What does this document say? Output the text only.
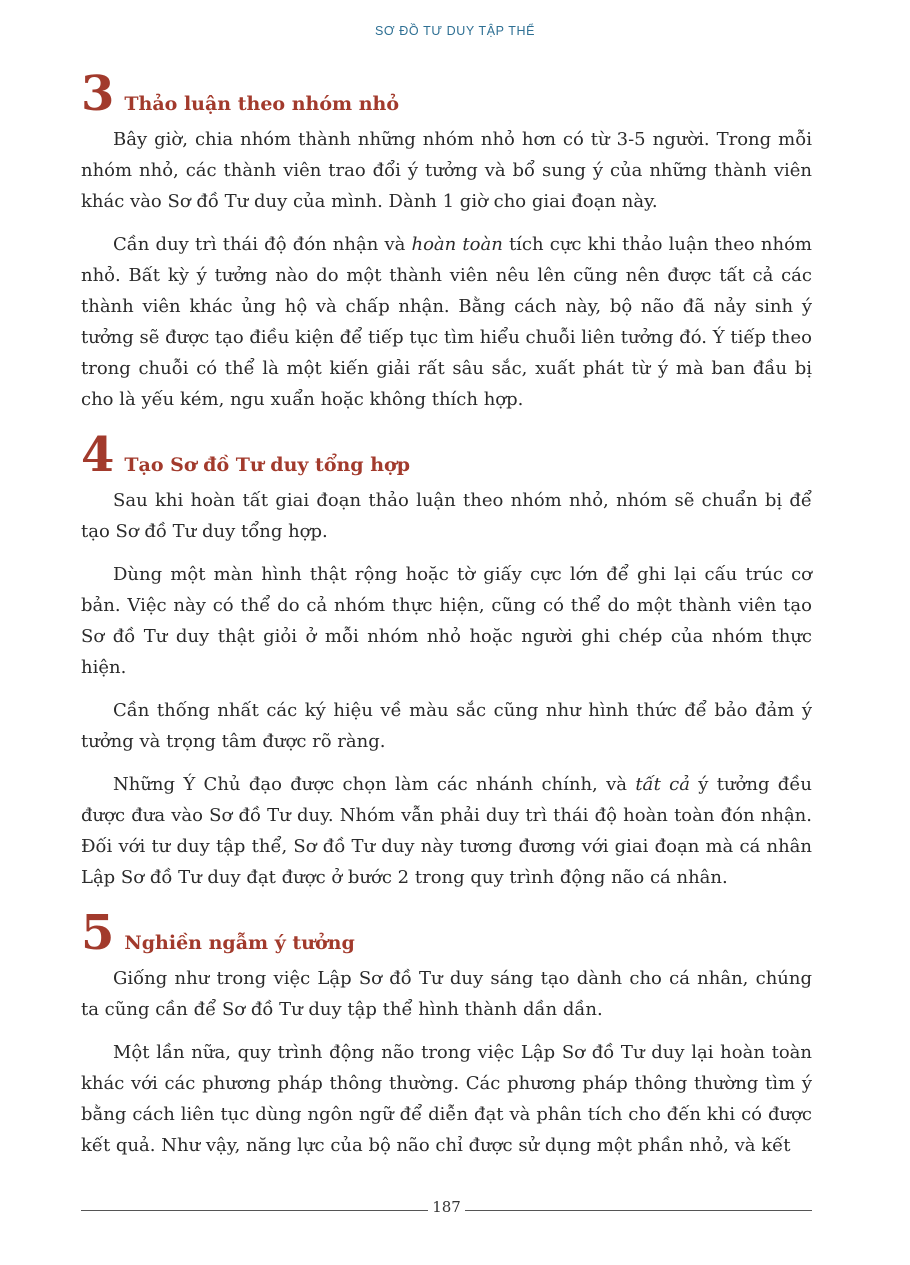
SƠ ĐỒ TƯ DUY TẬP THỂ
3 Thảo luận theo nhóm nhỏ

Bây giờ, chia nhóm thành những nhóm nhỏ hơn có từ 3-5 người. Trong mỗi nhóm nhỏ, các thành viên trao đổi ý tưởng và bổ sung ý của những thành viên khác vào Sơ đồ Tư duy của mình. Dành 1 giờ cho giai đoạn này.

Cần duy trì thái độ đón nhận và hoàn toàn tích cực khi thảo luận theo nhóm nhỏ. Bất kỳ ý tưởng nào do một thành viên nêu lên cũng nên được tất cả các thành viên khác ủng hộ và chấp nhận. Bằng cách này, bộ não đã nảy sinh ý tưởng sẽ được tạo điều kiện để tiếp tục tìm hiểu chuỗi liên tưởng đó. Ý tiếp theo trong chuỗi có thể là một kiến giải rất sâu sắc, xuất phát từ ý mà ban đầu bị cho là yếu kém, ngu xuẩn hoặc không thích hợp.

4 Tạo Sơ đồ Tư duy tổng hợp

Sau khi hoàn tất giai đoạn thảo luận theo nhóm nhỏ, nhóm sẽ chuẩn bị để tạo Sơ đồ Tư duy tổng hợp.

Dùng một màn hình thật rộng hoặc tờ giấy cực lớn để ghi lại cấu trúc cơ bản. Việc này có thể do cả nhóm thực hiện, cũng có thể do một thành viên tạo Sơ đồ Tư duy thật giỏi ở mỗi nhóm nhỏ hoặc người ghi chép của nhóm thực hiện.

Cần thống nhất các ký hiệu về màu sắc cũng như hình thức để bảo đảm ý tưởng và trọng tâm được rõ ràng.

Những Ý Chủ đạo được chọn làm các nhánh chính, và tất cả ý tưởng đều được đưa vào Sơ đồ Tư duy. Nhóm vẫn phải duy trì thái độ hoàn toàn đón nhận. Đối với tư duy tập thể, Sơ đồ Tư duy này tương đương với giai đoạn mà cá nhân Lập Sơ đồ Tư duy đạt được ở bước 2 trong quy trình động não cá nhân.

5 Nghiền ngẫm ý tưởng

Giống như trong việc Lập Sơ đồ Tư duy sáng tạo dành cho cá nhân, chúng ta cũng cần để Sơ đồ Tư duy tập thể hình thành dần dần.

Một lần nữa, quy trình động não trong việc Lập Sơ đồ Tư duy lại hoàn toàn khác với các phương pháp thông thường. Các phương pháp thông thường tìm ý bằng cách liên tục dùng ngôn ngữ để diễn đạt và phân tích cho đến khi có được kết quả. Như vậy, năng lực của bộ não chỉ được sử dụng một phần nhỏ, và kết

187
